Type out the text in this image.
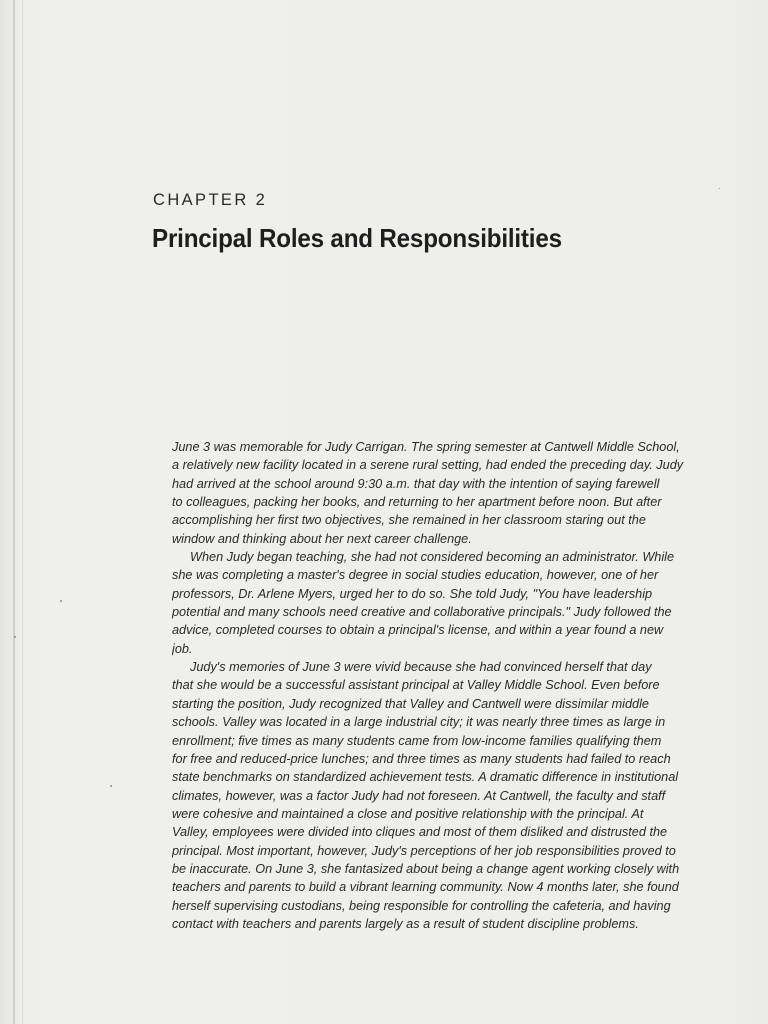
CHAPTER 2
Principal Roles and Responsibilities
June 3 was memorable for Judy Carrigan. The spring semester at Cantwell Middle School,
a relatively new facility located in a serene rural setting, had ended the preceding day. Judy
had arrived at the school around 9:30 a.m. that day with the intention of saying farewell
to colleagues, packing her books, and returning to her apartment before noon. But after
accomplishing her first two objectives, she remained in her classroom staring out the
window and thinking about her next career challenge.
When Judy began teaching, she had not considered becoming an administrator. While
she was completing a master's degree in social studies education, however, one of her
professors, Dr. Arlene Myers, urged her to do so. She told Judy, "You have leadership
potential and many schools need creative and collaborative principals." Judy followed the
advice, completed courses to obtain a principal's license, and within a year found a new
job.
Judy's memories of June 3 were vivid because she had convinced herself that day
that she would be a successful assistant principal at Valley Middle School. Even before
starting the position, Judy recognized that Valley and Cantwell were dissimilar middle
schools. Valley was located in a large industrial city; it was nearly three times as large in
enrollment; five times as many students came from low-income families qualifying them
for free and reduced-price lunches; and three times as many students had failed to reach
state benchmarks on standardized achievement tests. A dramatic difference in institutional
climates, however, was a factor Judy had not foreseen. At Cantwell, the faculty and staff
were cohesive and maintained a close and positive relationship with the principal. At
Valley, employees were divided into cliques and most of them disliked and distrusted the
principal. Most important, however, Judy's perceptions of her job responsibilities proved to
be inaccurate. On June 3, she fantasized about being a change agent working closely with
teachers and parents to build a vibrant learning community. Now 4 months later, she found
herself supervising custodians, being responsible for controlling the cafeteria, and having
contact with teachers and parents largely as a result of student discipline problems.
